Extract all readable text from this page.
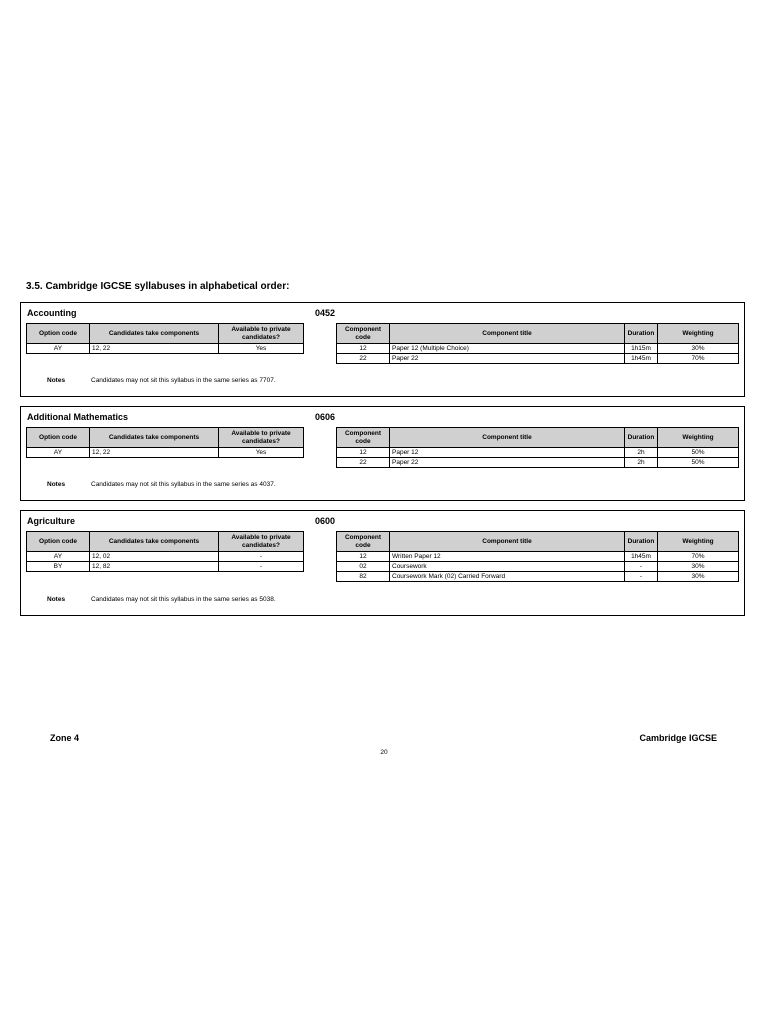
3.5. Cambridge IGCSE syllabuses in alphabetical order:
Accounting	0452
Option code	Candidates take components	Available to private candidates?
AY	12, 22	Yes
Component code	Component title	Duration	Weighting
12	Paper 12 (Multiple Choice)	1h15m	30%
22	Paper 22	1h45m	70%
Notes	Candidates may not sit this syllabus in the same series as 7707.
Additional Mathematics	0606
Option code	Candidates take components	Available to private candidates?
AY	12, 22	Yes
Component code	Component title	Duration	Weighting
12	Paper 12	2h	50%
22	Paper 22	2h	50%
Notes	Candidates may not sit this syllabus in the same series as 4037.
Agriculture	0600
Option code	Candidates take components	Available to private candidates?
AY	12, 02	-
BY	12, 82	-
Component code	Component title	Duration	Weighting
12	Written Paper 12	1h45m	70%
02	Coursework	-	30%
82	Coursework Mark (02) Carried Forward	-	30%
Notes	Candidates may not sit this syllabus in the same series as 5038.
Zone 4	Cambridge IGCSE
20
